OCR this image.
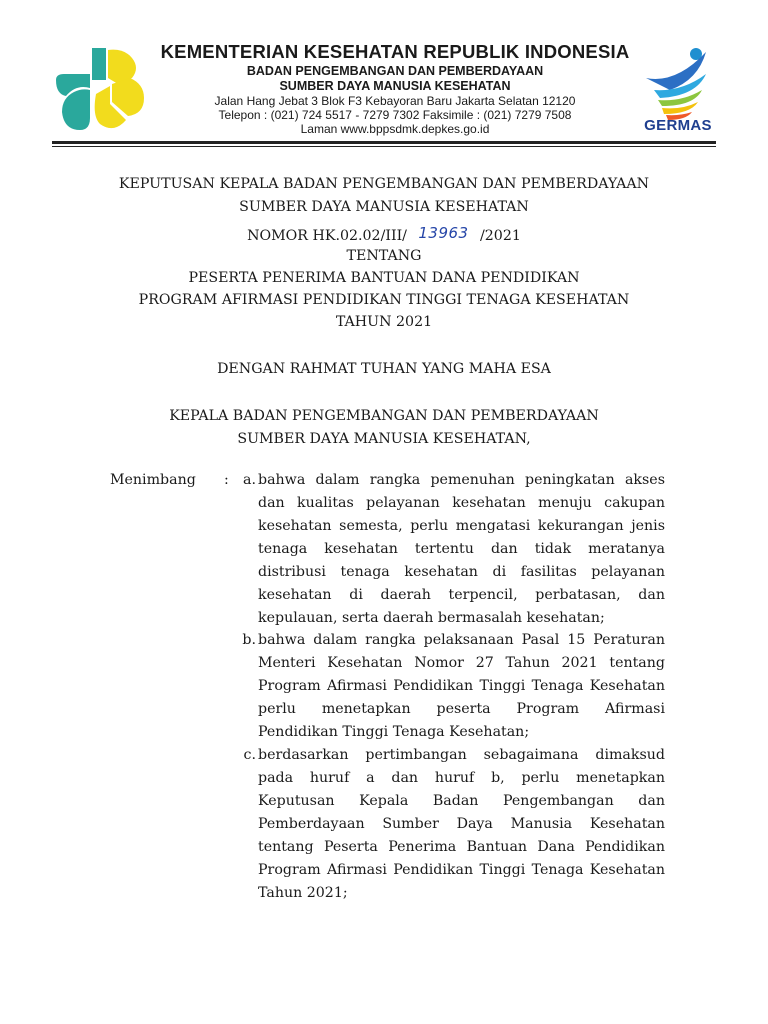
KEMENTERIAN KESEHATAN REPUBLIK INDONESIA
BADAN PENGEMBANGAN DAN PEMBERDAYAAN
SUMBER DAYA MANUSIA KESEHATAN
Jalan Hang Jebat 3 Blok F3 Kebayoran Baru Jakarta Selatan 12120
Telepon : (021) 724 5517 - 7279 7302 Faksimile : (021) 7279 7508
Laman www.bppsdmk.depkes.go.id	GERMAS
KEPUTUSAN KEPALA BADAN PENGEMBANGAN DAN PEMBERDAYAAN
SUMBER DAYA MANUSIA KESEHATAN
NOMOR HK.02.02/III/ 13963 /2021
TENTANG
PESERTA PENERIMA BANTUAN DANA PENDIDIKAN
PROGRAM AFIRMASI PENDIDIKAN TINGGI TENAGA KESEHATAN
TAHUN 2021
DENGAN RAHMAT TUHAN YANG MAHA ESA
KEPALA BADAN PENGEMBANGAN DAN PEMBERDAYAAN
SUMBER DAYA MANUSIA KESEHATAN,
Menimbang :	a. bahwa dalam rangka pemenuhan peningkatan akses
dan kualitas pelayanan kesehatan menuju cakupan
kesehatan semesta, perlu mengatasi kekurangan jenis
tenaga kesehatan tertentu dan tidak meratanya
distribusi tenaga kesehatan di fasilitas pelayanan
kesehatan di daerah terpencil, perbatasan, dan
kepulauan, serta daerah bermasalah kesehatan;
b. bahwa dalam rangka pelaksanaan Pasal 15 Peraturan
Menteri Kesehatan Nomor 27 Tahun 2021 tentang
Program Afirmasi Pendidikan Tinggi Tenaga Kesehatan
perlu menetapkan peserta Program Afirmasi
Pendidikan Tinggi Tenaga Kesehatan;
c. berdasarkan pertimbangan sebagaimana dimaksud
pada huruf a dan huruf b, perlu menetapkan
Keputusan Kepala Badan Pengembangan dan
Pemberdayaan Sumber Daya Manusia Kesehatan
tentang Peserta Penerima Bantuan Dana Pendidikan
Program Afirmasi Pendidikan Tinggi Tenaga Kesehatan
Tahun 2021;
